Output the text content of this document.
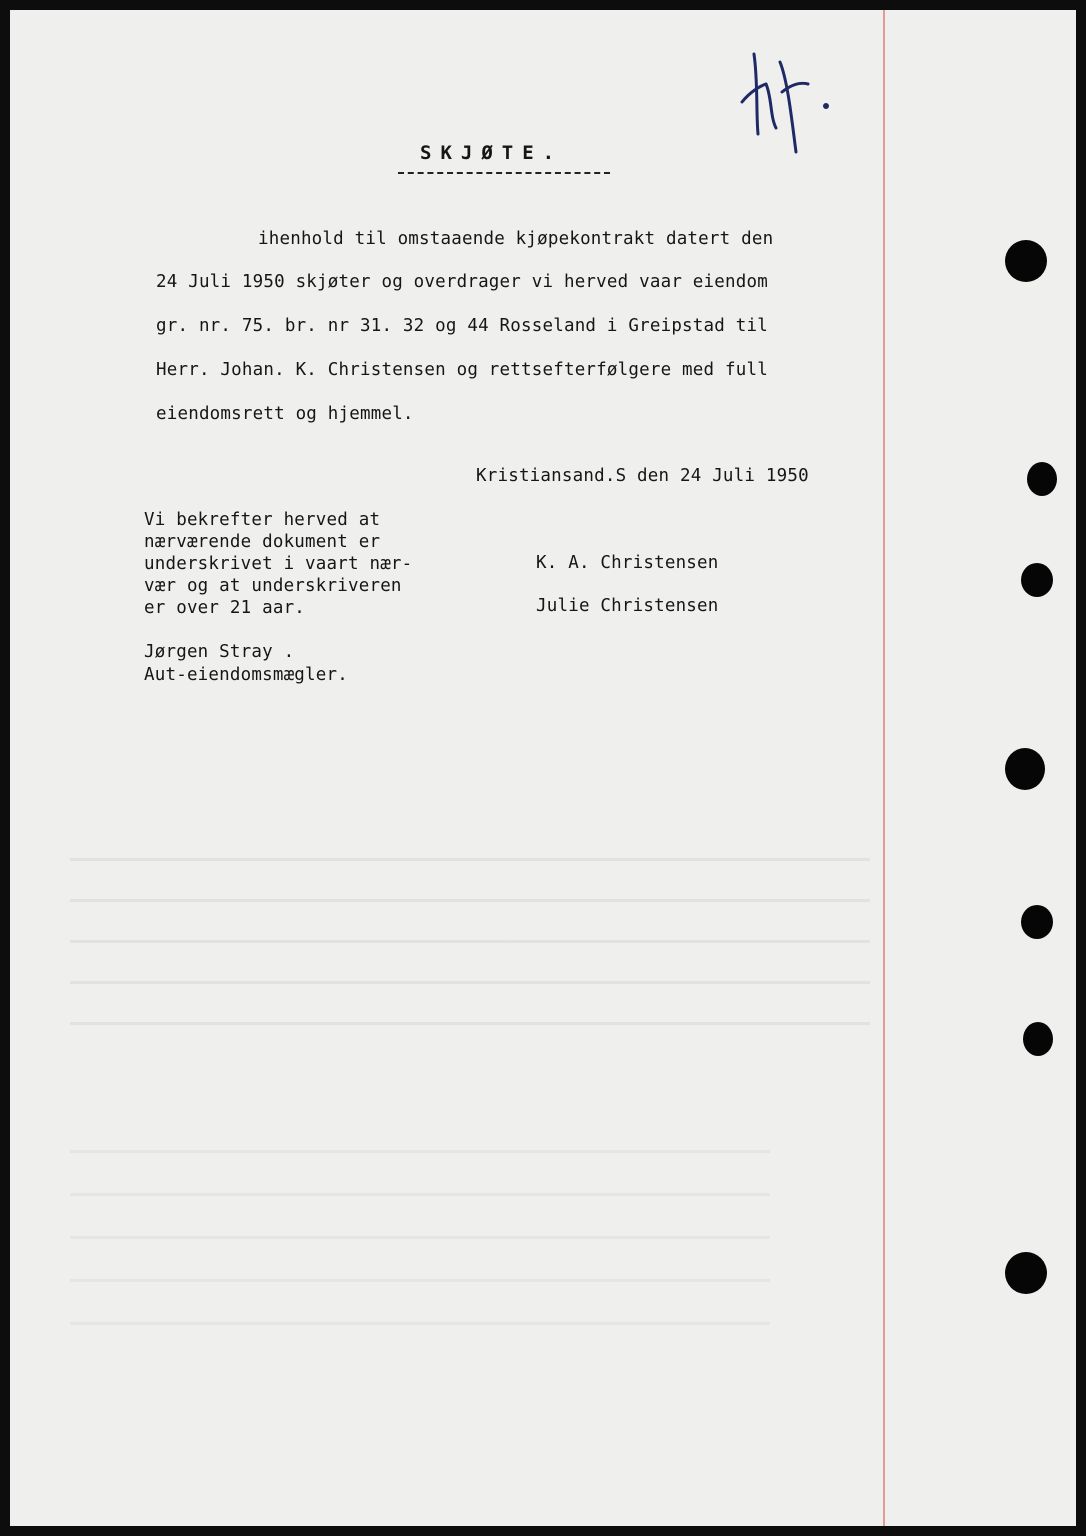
SKJØTE.
ihenhold til omstaaende kjøpekontrakt datert den
24 Juli 1950 skjøter og overdrager vi herved vaar eiendom
gr. nr. 75. br. nr 31. 32 og 44 Rosseland i Greipstad til
Herr. Johan. K. Christensen og rettsefterfølgere med full
eiendomsrett og hjemmel.
Kristiansand.S den 24 Juli 1950
Vi bekrefter herved at
nærværende dokument er
underskrivet i vaart nær-
vær og at underskriveren
er over 21 aar.
K. A. Christensen
Julie Christensen
Jørgen Stray .
Aut-eiendomsmægler.
